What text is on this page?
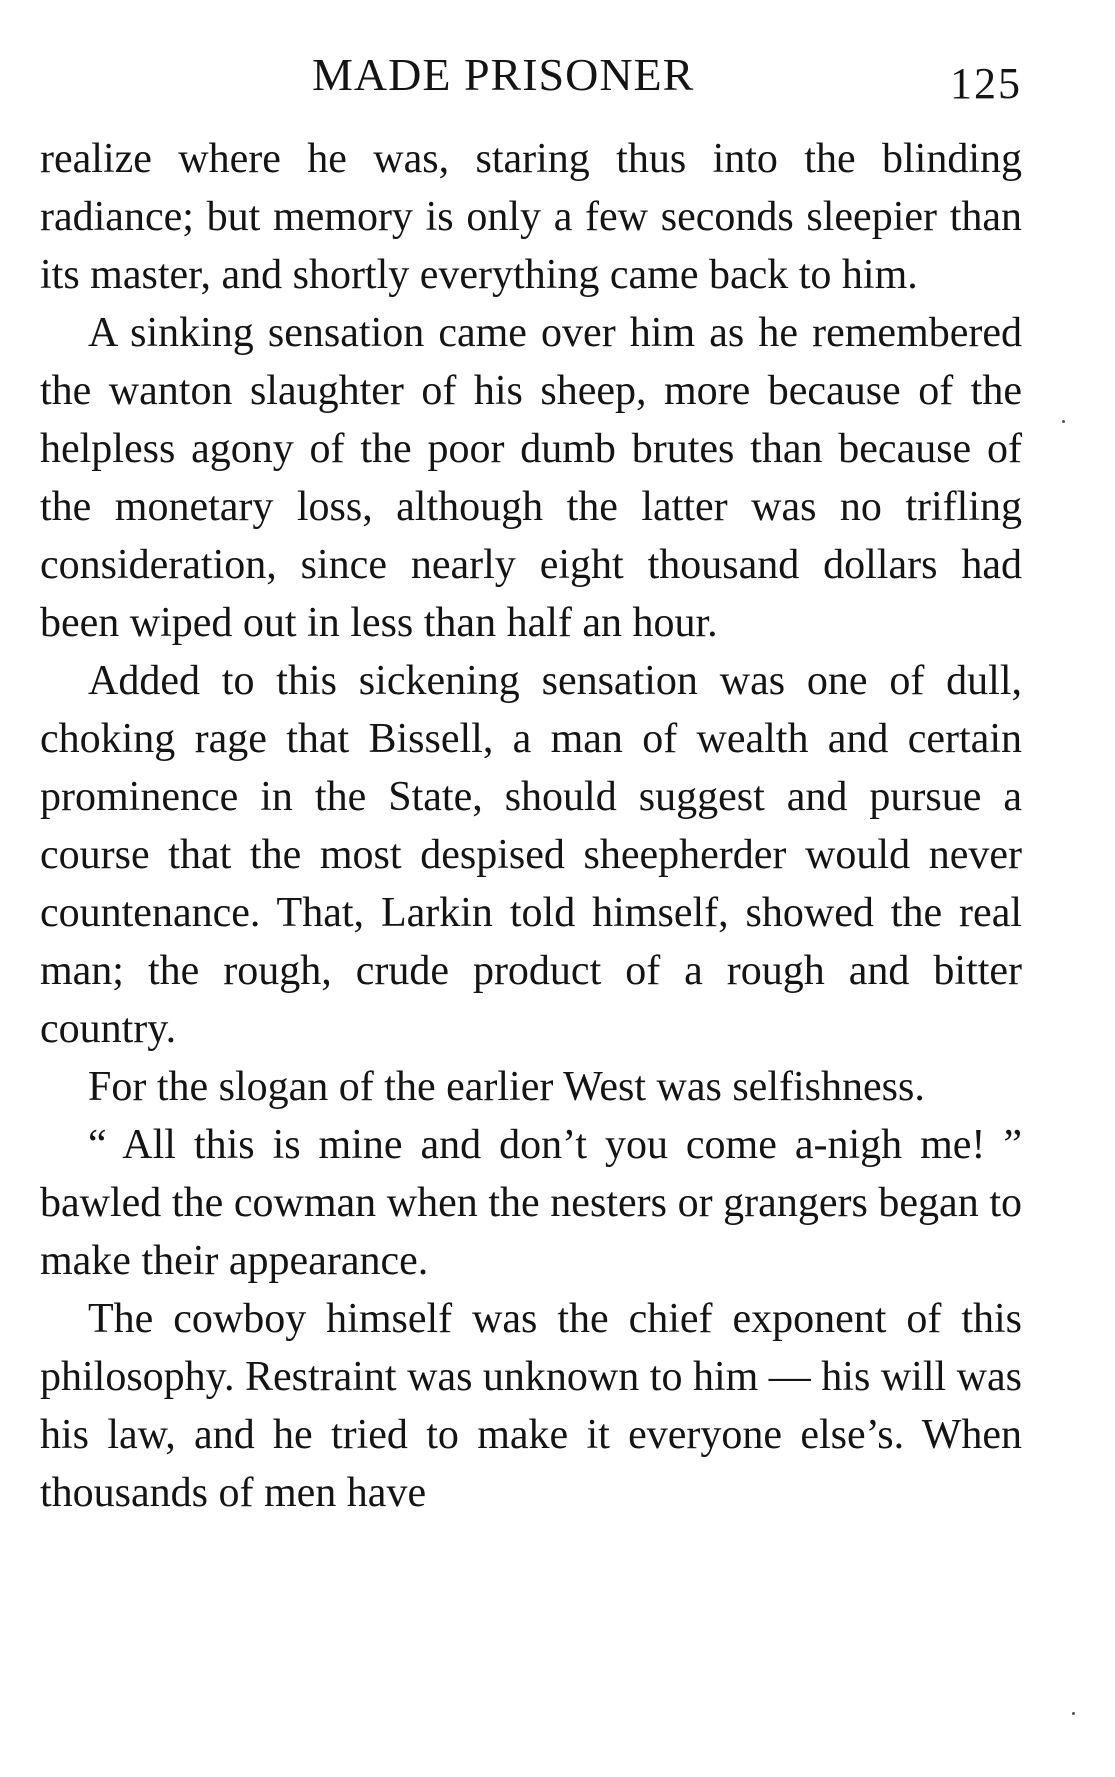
MADE PRISONER	125

realize where he was, staring thus into the blinding radiance; but memory is only a few seconds sleepier than its master, and shortly everything came back to him.

A sinking sensation came over him as he remembered the wanton slaughter of his sheep, more because of the helpless agony of the poor dumb brutes than because of the monetary loss, although the latter was no trifling consideration, since nearly eight thousand dollars had been wiped out in less than half an hour.

Added to this sickening sensation was one of dull, choking rage that Bissell, a man of wealth and certain prominence in the State, should suggest and pursue a course that the most despised sheepherder would never countenance. That, Larkin told himself, showed the real man; the rough, crude product of a rough and bitter country.

For the slogan of the earlier West was selfishness.

“ All this is mine and don’t you come a-nigh me! ” bawled the cowman when the nesters or grangers began to make their appearance.

The cowboy himself was the chief exponent of this philosophy. Restraint was unknown to him — his will was his law, and he tried to make it everyone else’s. When thousands of men have
